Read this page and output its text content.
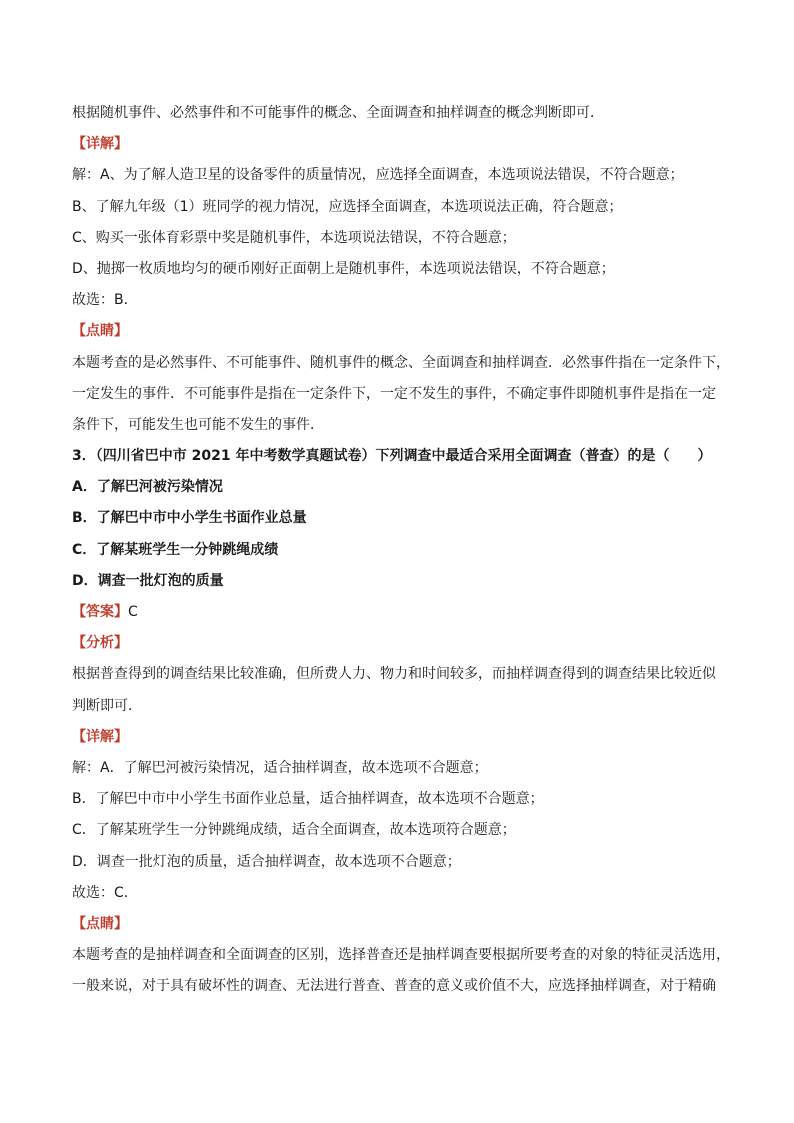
根据随机事件、必然事件和不可能事件的概念、全面调查和抽样调查的概念判断即可．
【详解】
解：A、为了解人造卫星的设备零件的质量情况，应选择全面调查，本选项说法错误，不符合题意；
B、了解九年级（1）班同学的视力情况，应选择全面调查，本选项说法正确，符合题意；
C、购买一张体育彩票中奖是随机事件，本选项说法错误，不符合题意；
D、抛掷一枚质地均匀的硬币刚好正面朝上是随机事件，本选项说法错误，不符合题意；
故选：B．
【点睛】
本题考查的是必然事件、不可能事件、随机事件的概念、全面调查和抽样调查．必然事件指在一定条件下，
一定发生的事件．不可能事件是指在一定条件下，一定不发生的事件，不确定事件即随机事件是指在一定
条件下，可能发生也可能不发生的事件．
3．（四川省巴中市 2021 年中考数学真题试卷）下列调查中最适合采用全面调查（普查）的是（　　）
A．了解巴河被污染情况
B．了解巴中市中小学生书面作业总量
C．了解某班学生一分钟跳绳成绩
D．调查一批灯泡的质量
【答案】C
【分析】
根据普查得到的调查结果比较准确，但所费人力、物力和时间较多，而抽样调查得到的调查结果比较近似
判断即可．
【详解】
解：A．了解巴河被污染情况，适合抽样调查，故本选项不合题意；
B．了解巴中市中小学生书面作业总量，适合抽样调查，故本选项不合题意；
C．了解某班学生一分钟跳绳成绩，适合全面调查，故本选项符合题意；
D．调查一批灯泡的质量，适合抽样调查，故本选项不合题意；
故选：C．
【点睛】
本题考查的是抽样调查和全面调查的区别，选择普查还是抽样调查要根据所要考查的对象的特征灵活选用，
一般来说，对于具有破坏性的调查、无法进行普查、普查的意义或价值不大，应选择抽样调查，对于精确
